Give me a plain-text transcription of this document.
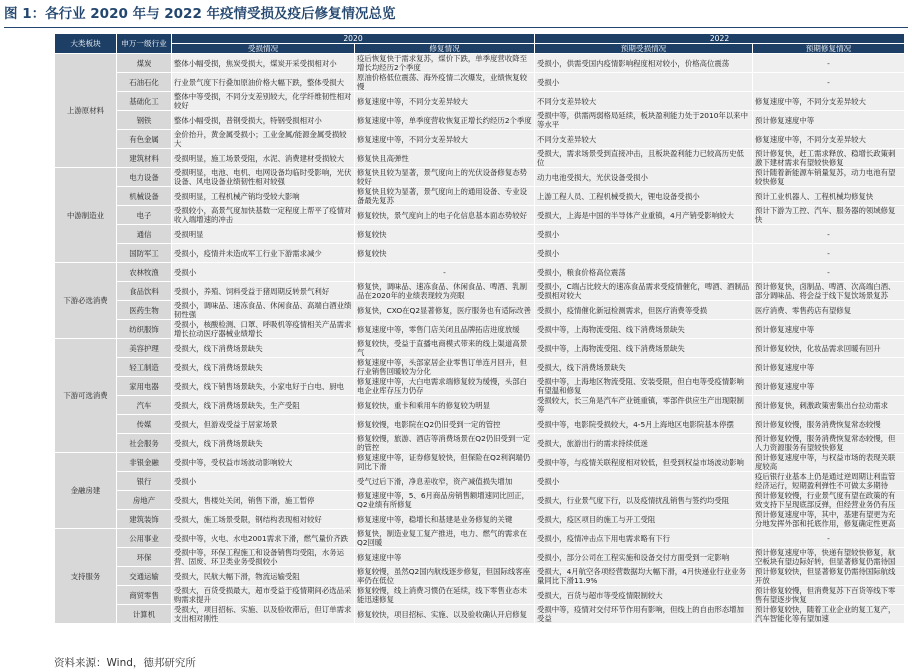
图 1：各行业 2020 年与 2022 年疫情受损及疫后修复情况总览
大类板块	申万一级行业	2020		2022	
		受损情况	修复情况	预期受损情况	预期修复情况
上游原材料	煤炭	整体小幅受损，焦炭受损大，煤炭开采受损相对小	疫后恢复快于需求复苏，煤价下跌，单季度营收降至增长均经历2个季度	受损小，供需受国内疫情影响程度相对较小，价格高位震荡	-

	石油石化	行业景气度下行叠加原油价格大幅下跌，整体受损大	原油价格低位震荡、海外疫情二次爆发，业绩恢复较慢	受损小	-

	基础化工	整体中等受损，不同分支差别较大，化学纤维韧性相对较好	修复速度中等，不同分支差异较大	不同分支差异较大	修复速度中等，不同分支差异较大

	钢铁	整体小幅受损，普钢受损大，特钢受损相对小	修复速度中等，单季度营收恢复正增长约经历2个季度	受损中等，供需两弱格局延续，板块盈利能力处于2010年以来中等水平	预计修复速度中等

	有色金属	金价抬升，黄金属受损小；工业金属/能源金属受损较大	修复速度中等，不同分支差异较大	不同分支差异较大	修复速度中等，不同分支差异较大

	建筑材料	受损明显，施工场景受阻，水泥、消费建材受损较大	修复快且高弹性	受损大，需求场景受到直接冲击，且板块盈利能力已较高历史低位	预计修复快，赶工需求释放、稳增长政策刺激下建材需求有望较快修复

中游制造业	电力设备	受损明显，电池、电机、电网设备均临时受影响，光伏设备、风电设备业绩韧性相对较强	修复快且较为显著，景气度向上的光伏设备修复态势较好	动力电池受损大，光伏设备受损小	预计随着新能源车销量复苏，动力电池有望较快修复

	机械设备	受损明显，工程机械产销均受较大影响	修复快且较为显著，景气度向上的通用设备、专业设备最先复苏	上游工程人员、工程机械受损大，锂电设备受损小	预计工业机器人、工程机械均修复快

	电子	受损较小，高景气度加快基数一定程度上帮平了疫情对收入端增速的冲击	修复较快，景气度向上的电子化信息基本面态势较好	受损大，上海是中国的半导体产业重镇，4月产销受影响较大	预计下游为工控、汽车、服务器的领域修复快

	通信	受损明显	修复较快	受损小	-

	国防军工	受损小，疫情并未造成军工行业下游需求减少	修复较快	受损小	-

下游必选消费	农林牧渔	受损小	-	受损小，粮食价格高位震荡	-

	食品饮料	受损小，养殖、饲料受益于猪周期反转景气利好	修复快，调味品、速冻食品、休闲食品、啤酒、乳制品在2020年的业绩表现较为亮眼	受损小，C端占比较大的速冻食品需求受疫情催化，啤酒、酒制品受损相对较大	预计修复快，卤制品、啤酒、次高端白酒、部分调味品、将会益于线下复饮场景复苏

	医药生物	受损小，调味品、速冻食品、休闲食品、高端白酒业绩韧性强	修复快，CXO在Q2显著修复，医疗服务也有适际改善	受损小，疫情催化新冠检测需求，但医疗消费等受损	医疗消费、零售药店有望修复

	纺织服饰	受损小，核酸检测、口罩、呼吸机等疫情相关产品需求增长拉动医疗器械业绩增长	修复速度中等，零售门店关闭且品牌拓店进度放缓	受损中等，上海物流受阻、线下消费场景缺失	预计修复速度中等

下游可选消费	美容护理	受损大，线下消费场景缺失	修复较快，受益于直播电商模式带来的线上渠道高景气	受损中等，上海物流受阻、线下消费场景缺失	预计修复较快，化妆品需求回暖有回升

	轻工制造	受损大，线下消费场景缺失	修复速度中等，头部家居企业零售订单连月回升，但行业销售回暖较为分化	受损大，线下消费场景缺失	预计修复速度中等

	家用电器	受损大，线下销售场景缺失，小家电好于白电、厨电	修复速度中等，大白电需求端修复较为缓慢，头部白电企业库存压力仍存	受损中等，上海地区物流受阻、安装受限，但白电等受疫情影响有望温和修复	预计修复速度中等

	汽车	受损大，线下消费场景缺失，生产受阻	修复较快，重卡和乘用车的修复较为明显	受损较大，长三角是汽车产业链重镇，零部件供应生产出现限制等	预计修复快，刺激政策密集出台拉动需求

	传媒	受损大，但游戏受益于居家场景	修复较慢，电影院在Q2仍旧受到一定的管控	受损中等，电影院受损较大，4-5月上海地区电影院基本停摆	预计修复较慢，服务消费恢复常态较慢

	社会服务	受损大，线下消费场景缺失	修复较慢，旅游、酒店等消费场景在Q2仍旧受到一定的管控	受损大，旅游出行的需求持续低迷	预计修复较慢，服务消费恢复常态较慢，但人力资源服务有望较快修复

金融房建	非银金融	受损中等，受权益市场波动影响较大	修复速度中等，证券修复较快，但保险在Q2利润端仍同比下滑	受损中等，与疫情关联程度相对较低，但受到权益市场波动影响	预计修复速度中等，与权益市场的表现关联度较高

	银行	受损小	受气过后下滑，净息差收窄，资产减值损失增加	受损小	疫后银行业基本上仍是通过逆周期让利监管经济运行，短期盈利弹性不可做太多期待

	房地产	受损大，售楼处关闭，销售下滑，施工暂停	修复速度中等，5、6月商品房销售额增速同比回正，Q2业绩有所修复	受损大，行业景气度下行，以及疫情扰乱销售与签约均受阻	预计修复较慢，行业景气度有望在政策的有效支持下呈现底部反弹，但经营业务仍有压

	建筑装饰	受损大，施工场景受限，钢结构表现相对较好	修复速度中等，稳增长和基建是业务修复的关键	受损大，疫区项目的施工与开工受阻	预计修复速度中等，其中，基建有望更为充分地发挥外部和托底作用，修复确定性更高

支持服务	公用事业	受损中等，火电、水电2001需求下滑，燃气量价齐跌	修复快，制造业复工复产推进，电力、燃气的需求在Q2回暖	受损小，疫情冲击点下用电需求略有下行	-

	环保	受损中等，环保工程施工和设备销售均受阻，水务运营、固废、环卫类业务受损较小	修复速度中等	受损小，部分公司在工程实施和设备交付方面受到一定影响	预计修复速度中等，快递有望较快修复，航空板块有望边际好转，但显著修复仍需待国

	交通运输	受损大，民航大幅下滑，物流运输受阻	修复较慢，虽然Q2国内航线逐步修复，但国际线客座率仍在低位	受损大，4月航空各项经营数据均大幅下滑，4月快递业行业业务量同比下滑11.9%	预计修复较快，但显著修复仍需待国际航线开放

	商贸零售	受损大，百货受损最大，超市受益于疫情期间必选品采购需求提升	修复较慢，线上消费习惯仍在延续，线下零售业态未能迅速修复	受损大，百货与超市等受疫情限制较大	预计修复较慢，但消费复苏下百货等线下零售有望逐步恢复

	计算机	受损大，项目招标、实施、以及验收滞后，但订单需求支出相对刚性	修复较快，项目招标、实施、以及验收确认开启修复	受损中等，疫情对交付环节作用有影响，但线上的自由形态增加受益	预计修复较快，随着工业企业的复工复产，汽车智能化等有望加速
资料来源：Wind，德邦研究所
